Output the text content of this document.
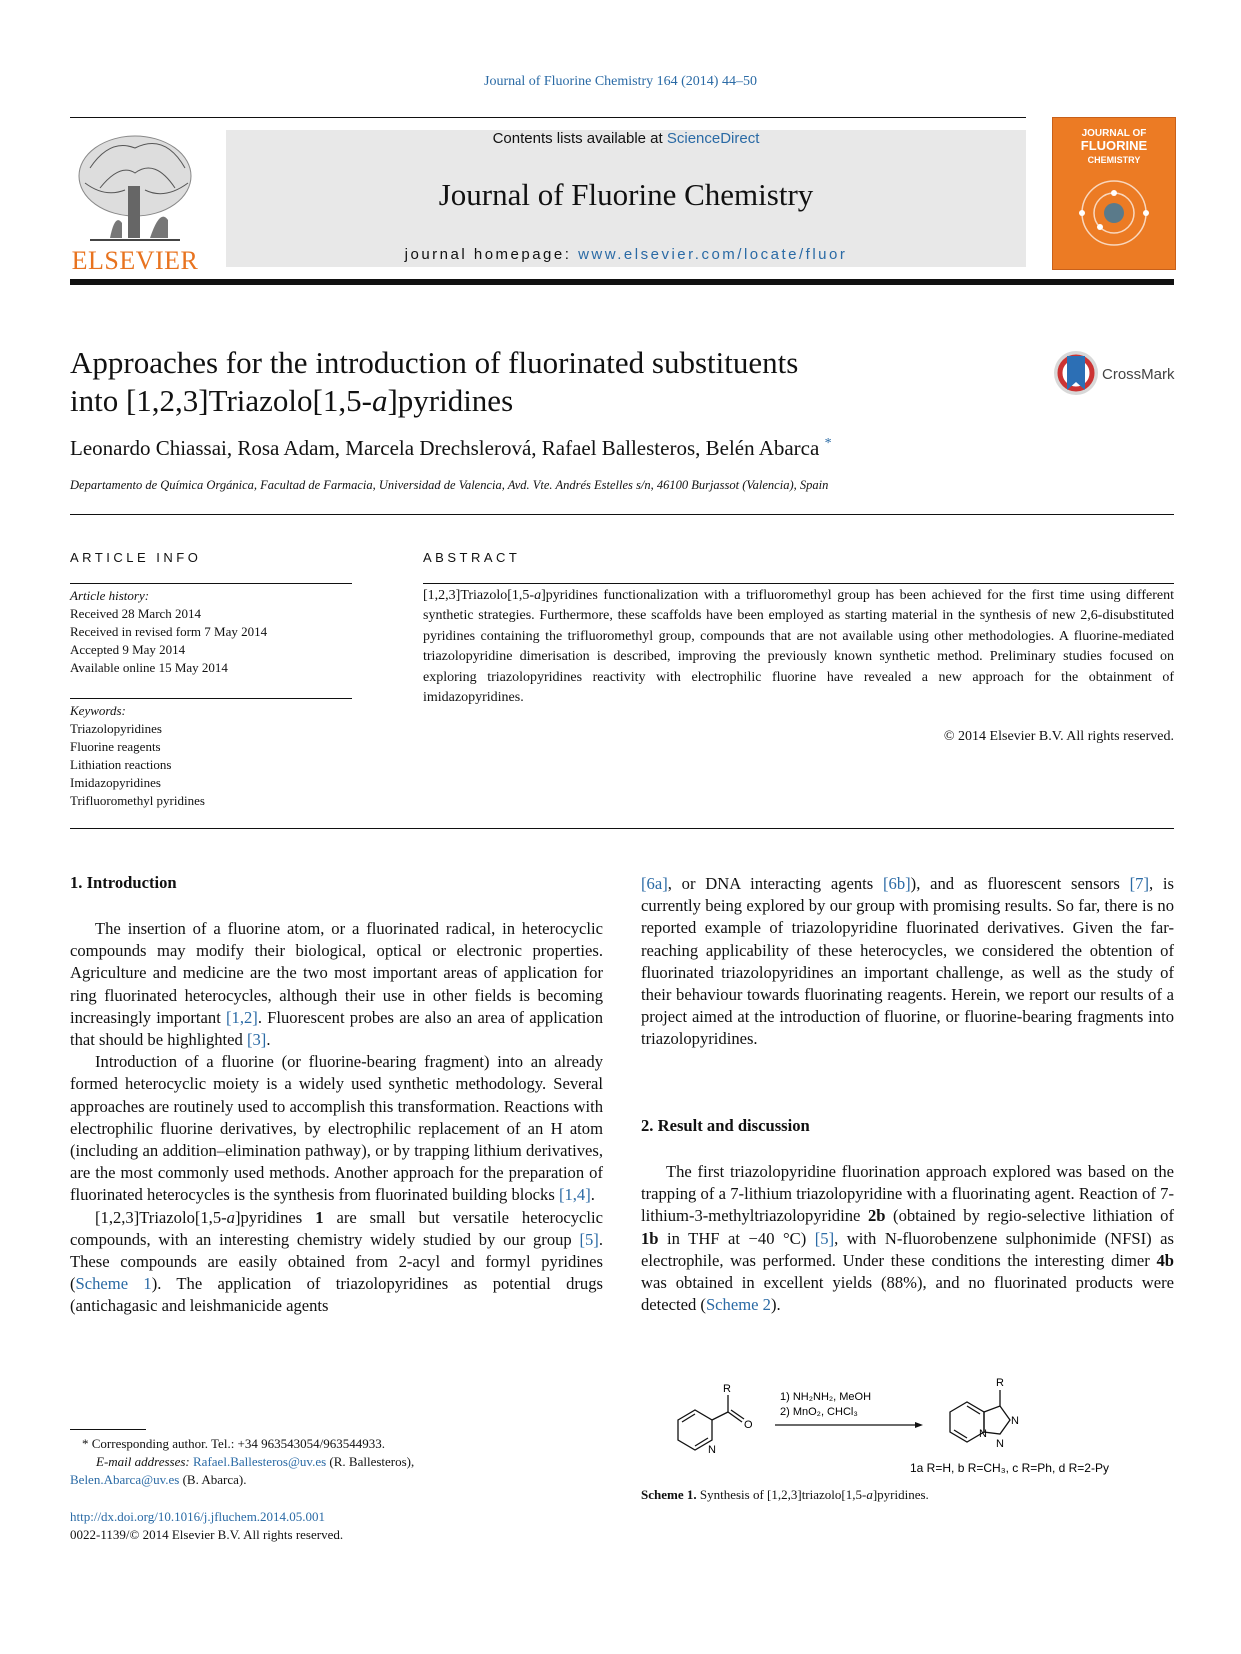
Journal of Fluorine Chemistry 164 (2014) 44–50
ELSEVIER
Contents lists available at ScienceDirect
Journal of Fluorine Chemistry
journal homepage: www.elsevier.com/locate/fluor
JOURNAL OF
FLUORINE
CHEMISTRY
Approaches for the introduction of fluorinated substituents
into [1,2,3]Triazolo[1,5-a]pyridines
CrossMark
Leonardo Chiassai, Rosa Adam, Marcela Drechslerová, Rafael Ballesteros, Belén Abarca *
Departamento de Química Orgánica, Facultad de Farmacia, Universidad de Valencia, Avd. Vte. Andrés Estelles s/n, 46100 Burjassot (Valencia), Spain
ARTICLE INFO
Article history:
Received 28 March 2014
Received in revised form 7 May 2014
Accepted 9 May 2014
Available online 15 May 2014
Keywords:
Triazolopyridines
Fluorine reagents
Lithiation reactions
Imidazopyridines
Trifluoromethyl pyridines
ABSTRACT
[1,2,3]Triazolo[1,5-a]pyridines functionalization with a trifluoromethyl group has been achieved for the first time using different synthetic strategies. Furthermore, these scaffolds have been employed as starting material in the synthesis of new 2,6-disubstituted pyridines containing the trifluoromethyl group, compounds that are not available using other methodologies. A fluorine-mediated triazolopyridine dimerisation is described, improving the previously known synthetic method. Preliminary studies focused on exploring triazolopyridines reactivity with electrophilic fluorine have revealed a new approach for the obtainment of imidazopyridines.
© 2014 Elsevier B.V. All rights reserved.
1. Introduction

The insertion of a fluorine atom, or a fluorinated radical, in heterocyclic compounds may modify their biological, optical or electronic properties. Agriculture and medicine are the two most important areas of application for ring fluorinated heterocycles, although their use in other fields is becoming increasingly important [1,2]. Fluorescent probes are also an area of application that should be highlighted [3].

Introduction of a fluorine (or fluorine-bearing fragment) into an already formed heterocyclic moiety is a widely used synthetic methodology. Several approaches are routinely used to accomplish this transformation. Reactions with electrophilic fluorine derivatives, by electrophilic replacement of an H atom (including an addition–elimination pathway), or by trapping lithium derivatives, are the most commonly used methods. Another approach for the preparation of fluorinated heterocycles is the synthesis from fluorinated building blocks [1,4].

[1,2,3]Triazolo[1,5-a]pyridines 1 are small but versatile heterocyclic compounds, with an interesting chemistry widely studied by our group [5]. These compounds are easily obtained from 2-acyl and formyl pyridines (Scheme 1). The application of triazolopyridines as potential drugs (antichagasic and leishmanicide agents

* Corresponding author. Tel.: +34 963543054/963544933.
E-mail addresses: Rafael.Ballesteros@uv.es (R. Ballesteros),
Belen.Abarca@uv.es (B. Abarca).
http://dx.doi.org/10.1016/j.jfluchem.2014.05.001
0022-1139/© 2014 Elsevier B.V. All rights reserved.

[6a], or DNA interacting agents [6b]), and as fluorescent sensors [7], is currently being explored by our group with promising results. So far, there is no reported example of triazolopyridine fluorinated derivatives. Given the far-reaching applicability of these heterocycles, we considered the obtention of fluorinated triazolopyridines an important challenge, as well as the study of their behaviour towards fluorinating reagents. Herein, we report our results of a project aimed at the introduction of fluorine, or fluorine-bearing fragments into triazolopyridines.

2. Result and discussion

The first triazolopyridine fluorination approach explored was based on the trapping of a 7-lithium triazolopyridine with a fluorinating agent. Reaction of 7-lithium-3-methyltriazolopyridine 2b (obtained by regio-selective lithiation of 1b in THF at −40 °C) [5], with N-fluorobenzene sulphonimide (NFSI) as electrophile, was performed. Under these conditions the interesting dimer 4b was obtained in excellent yields (88%), and no fluorinated products were detected (Scheme 2).

R
O
N
1) NH₂NH₂, MeOH
2) MnO₂, CHCl₃
R
N
N
N
1a R=H, b R=CH₃, c R=Ph, d R=2-Py
Scheme 1. Synthesis of [1,2,3]triazolo[1,5-a]pyridines.
